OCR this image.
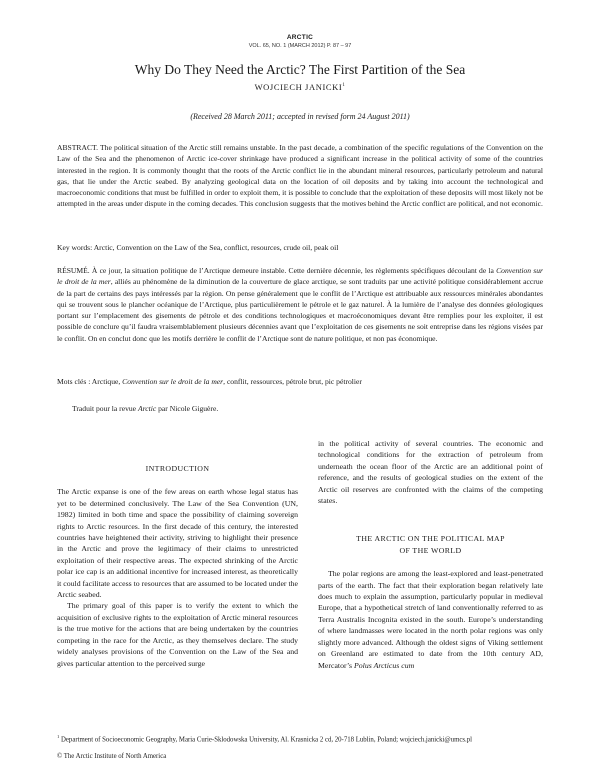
ARCTIC
VOL. 65, NO. 1 (MARCH 2012) P. 87 – 97
Why Do They Need the Arctic? The First Partition of the Sea
WOJCIECH JANICKI$^1$
(Received 28 March 2011; accepted in revised form 24 August 2011)
ABSTRACT. The political situation of the Arctic still remains unstable. In the past decade, a combination of the specific regulations of the Convention on the Law of the Sea and the phenomenon of Arctic ice-cover shrinkage have produced a significant increase in the political activity of some of the countries interested in the region. It is commonly thought that the roots of the Arctic conflict lie in the abundant mineral resources, particularly petroleum and natural gas, that lie under the Arctic seabed. By analyzing geological data on the location of oil deposits and by taking into account the technological and macroeconomic conditions that must be fulfilled in order to exploit them, it is possible to conclude that the exploitation of these deposits will most likely not be attempted in the areas under dispute in the coming decades. This conclusion suggests that the motives behind the Arctic conflict are political, and not economic.
Key words: Arctic, Convention on the Law of the Sea, conflict, resources, crude oil, peak oil
RÉSUMÉ. À ce jour, la situation politique de l’Arctique demeure instable. Cette dernière décennie, les règlements spécifiques découlant de la Convention sur le droit de la mer, alliés au phénomène de la diminution de la couverture de glace arctique, se sont traduits par une activité politique considérablement accrue de la part de certains des pays intéressés par la région. On pense généralement que le conflit de l’Arctique est attribuable aux ressources minérales abondantes qui se trouvent sous le plancher océanique de l’Arctique, plus particulièrement le pétrole et le gaz naturel. À la lumière de l’analyse des données géologiques portant sur l’emplacement des gisements de pétrole et des conditions technologiques et macroéconomiques devant être remplies pour les exploiter, il est possible de conclure qu’il faudra vraisemblablement plusieurs décennies avant que l’exploitation de ces gisements ne soit entreprise dans les régions visées par le conflit. On en conclut donc que les motifs derrière le conflit de l’Arctique sont de nature politique, et non pas économique.
Mots clés : Arctique, Convention sur le droit de la mer, conflit, ressources, pétrole brut, pic pétrolier
Traduit pour la revue Arctic par Nicole Giguère.
INTRODUCTION

The Arctic expanse is one of the few areas on earth whose legal status has yet to be determined conclusively. The Law of the Sea Convention (UN, 1982) limited in both time and space the possibility of claiming sovereign rights to Arctic resources. In the first decade of this century, the interested countries have heightened their activity, striving to highlight their presence in the Arctic and prove the legitimacy of their claims to unrestricted exploitation of their respective areas. The expected shrinking of the Arctic polar ice cap is an additional incentive for increased interest, as theoretically it could facilitate access to resources that are assumed to be located under the Arctic seabed.

The primary goal of this paper is to verify the extent to which the acquisition of exclusive rights to the exploitation of Arctic mineral resources is the true motive for the actions that are being undertaken by the countries competing in the race for the Arctic, as they themselves declare. The study widely analyses provisions of the Convention on the Law of the Sea and gives particular attention to the perceived surge

in the political activity of several countries. The economic and technological conditions for the extraction of petroleum from underneath the ocean floor of the Arctic are an additional point of reference, and the results of geological studies on the extent of the Arctic oil reserves are confronted with the claims of the competing states.

THE ARCTIC ON THE POLITICAL MAP
OF THE WORLD

The polar regions are among the least-explored and least-penetrated parts of the earth. The fact that their exploration began relatively late does much to explain the assumption, particularly popular in medieval Europe, that a hypothetical stretch of land conventionally referred to as Terra Australis Incognita existed in the south. Europe’s understanding of where landmasses were located in the north polar regions was only slightly more advanced. Although the oldest signs of Viking settlement on Greenland are estimated to date from the 10th century AD, Mercator’s Polus Arcticus cum

$^1$ Department of Socioeconomic Geography, Maria Curie-Sklodowska University, Al. Krasnicka 2 cd, 20-718 Lublin, Poland; wojciech.janicki@umcs.pl
© The Arctic Institute of North America
